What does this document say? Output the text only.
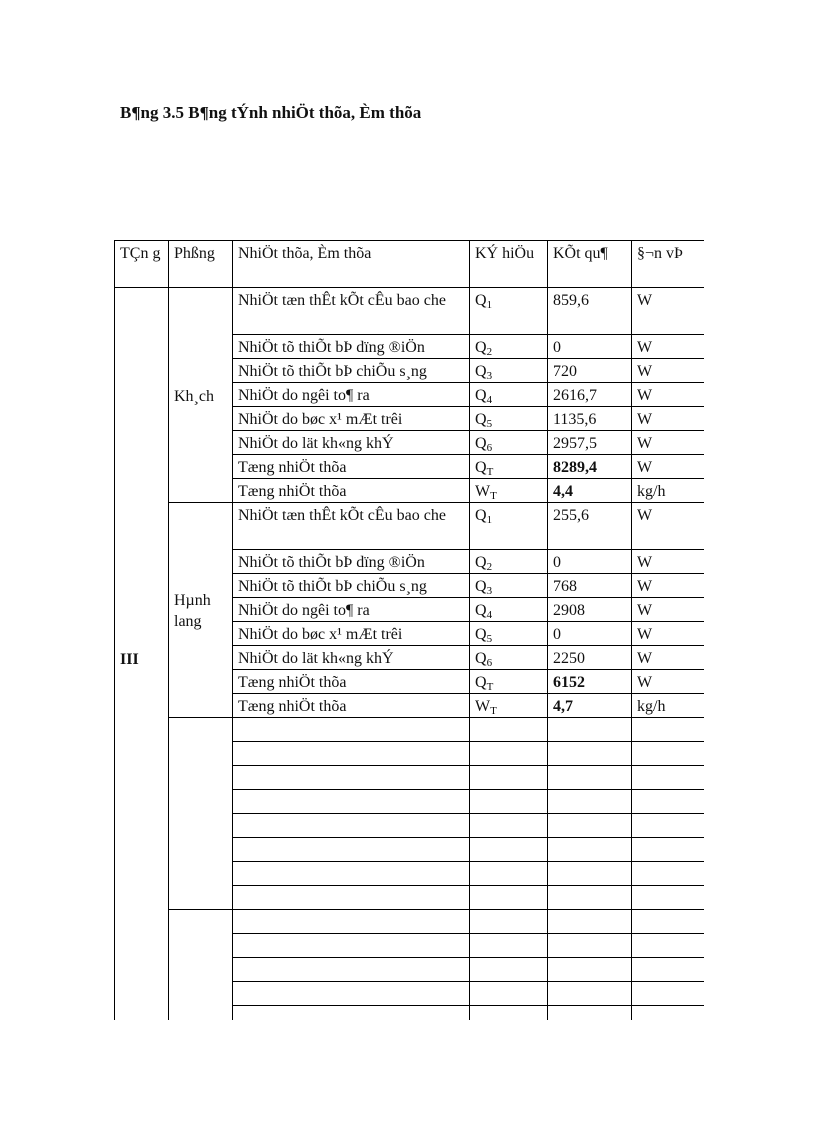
B¶ng 3.5 B¶ng tÝnh nhiÖt thõa, Èm thõa
TÇn g	Phßng	NhiÖt thõa, Èm thõa	KÝ hiÖu	KÕt qu¶	§¬n vÞ
III	Kh¸ch	NhiÖt tæn thÊt kÕt cÊu bao che	$Q_1$	859,6	W
		NhiÖt tõ thiÕt bÞ dïng ®iÖn	$Q_2$	0	W
		NhiÖt tõ thiÕt bÞ chiÕu s¸ng	$Q_3$	720	W
		NhiÖt do ngêi to¶ ra	$Q_4$	2616,7	W
		NhiÖt do bøc x¹ mÆt trêi	$Q_5$	1135,6	W
		NhiÖt do lät kh«ng khÝ	$Q_6$	2957,5	W
		Tæng nhiÖt thõa	$Q_T$	8289,4	W
		Tæng nhiÖt thõa	$W_T$	4,4	kg/h
	Hµnh lang	NhiÖt tæn thÊt kÕt cÊu bao che	$Q_1$	255,6	W
		NhiÖt tõ thiÕt bÞ dïng ®iÖn	$Q_2$	0	W
		NhiÖt tõ thiÕt bÞ chiÕu s¸ng	$Q_3$	768	W
		NhiÖt do ngêi to¶ ra	$Q_4$	2908	W
		NhiÖt do bøc x¹ mÆt trêi	$Q_5$	0	W
		NhiÖt do lät kh«ng khÝ	$Q_6$	2250	W
		Tæng nhiÖt thõa	$Q_T$	6152	W
		Tæng nhiÖt thõa	$W_T$	4,7	kg/h
